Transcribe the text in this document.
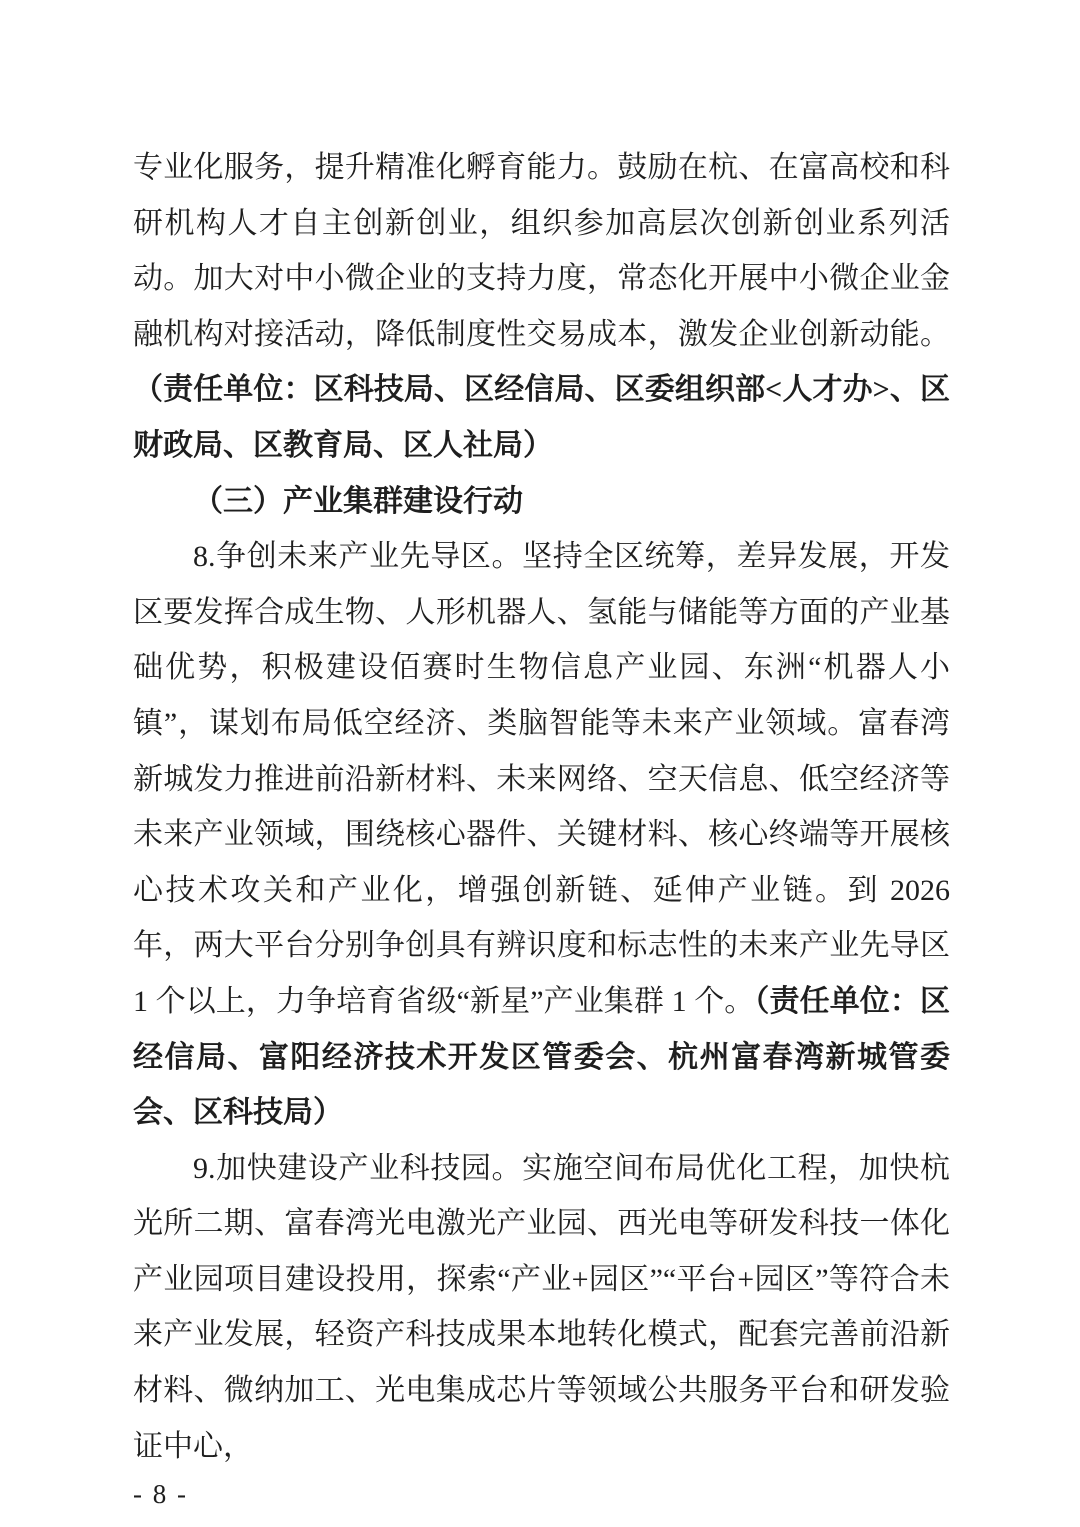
专业化服务，提升精准化孵育能力。鼓励在杭、在富高校和科研机构人才自主创新创业，组织参加高层次创新创业系列活动。加大对中小微企业的支持力度，常态化开展中小微企业金融机构对接活动，降低制度性交易成本，激发企业创新动能。（责任单位：区科技局、区经信局、区委组织部<人才办>、区财政局、区教育局、区人社局）

（三）产业集群建设行动

8.争创未来产业先导区。坚持全区统筹，差异发展，开发区要发挥合成生物、人形机器人、氢能与储能等方面的产业基础优势，积极建设佰赛时生物信息产业园、东洲“机器人小镇”，谋划布局低空经济、类脑智能等未来产业领域。富春湾新城发力推进前沿新材料、未来网络、空天信息、低空经济等未来产业领域，围绕核心器件、关键材料、核心终端等开展核心技术攻关和产业化，增强创新链、延伸产业链。到 2026 年，两大平台分别争创具有辨识度和标志性的未来产业先导区 1 个以上，力争培育省级“新星”产业集群 1 个。（责任单位：区经信局、富阳经济技术开发区管委会、杭州富春湾新城管委会、区科技局）

9.加快建设产业科技园。实施空间布局优化工程，加快杭光所二期、富春湾光电激光产业园、西光电等研发科技一体化产业园项目建设投用，探索“产业+园区”“平台+园区”等符合未来产业发展，轻资产科技成果本地转化模式，配套完善前沿新材料、微纳加工、光电集成芯片等领域公共服务平台和研发验证中心，

- 8 -
